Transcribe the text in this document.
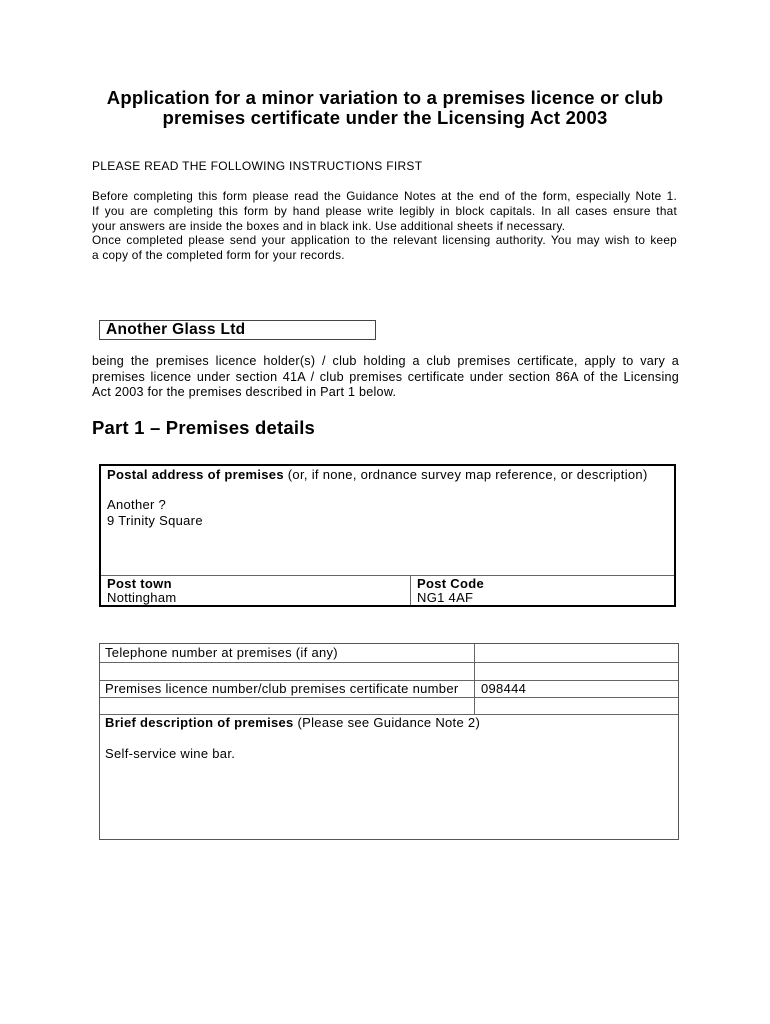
Application for a minor variation to a premises licence or club
premises certificate under the Licensing Act 2003
PLEASE READ THE FOLLOWING INSTRUCTIONS FIRST
Before completing this form please read the Guidance Notes at the end of the form, especially Note 1.
If you are completing this form by hand please write legibly in block capitals. In all cases ensure that
your answers are inside the boxes and in black ink. Use additional sheets if necessary.
Once completed please send your application to the relevant licensing authority. You may wish to keep
a copy of the completed form for your records.
Another Glass Ltd
being the premises licence holder(s) / club holding a club premises certificate, apply to vary a
premises licence under section 41A / club premises certificate under section 86A of the Licensing
Act 2003 for the premises described in Part 1 below.
Part 1 – Premises details
Postal address of premises (or, if none, ordnance survey map reference, or description)
Another ?
9 Trinity Square
Post town
Nottingham
Post Code
NG1 4AF
Telephone number at premises (if any)
Premises licence number/club premises certificate number 098444
Brief description of premises (Please see Guidance Note 2)
Self-service wine bar.
